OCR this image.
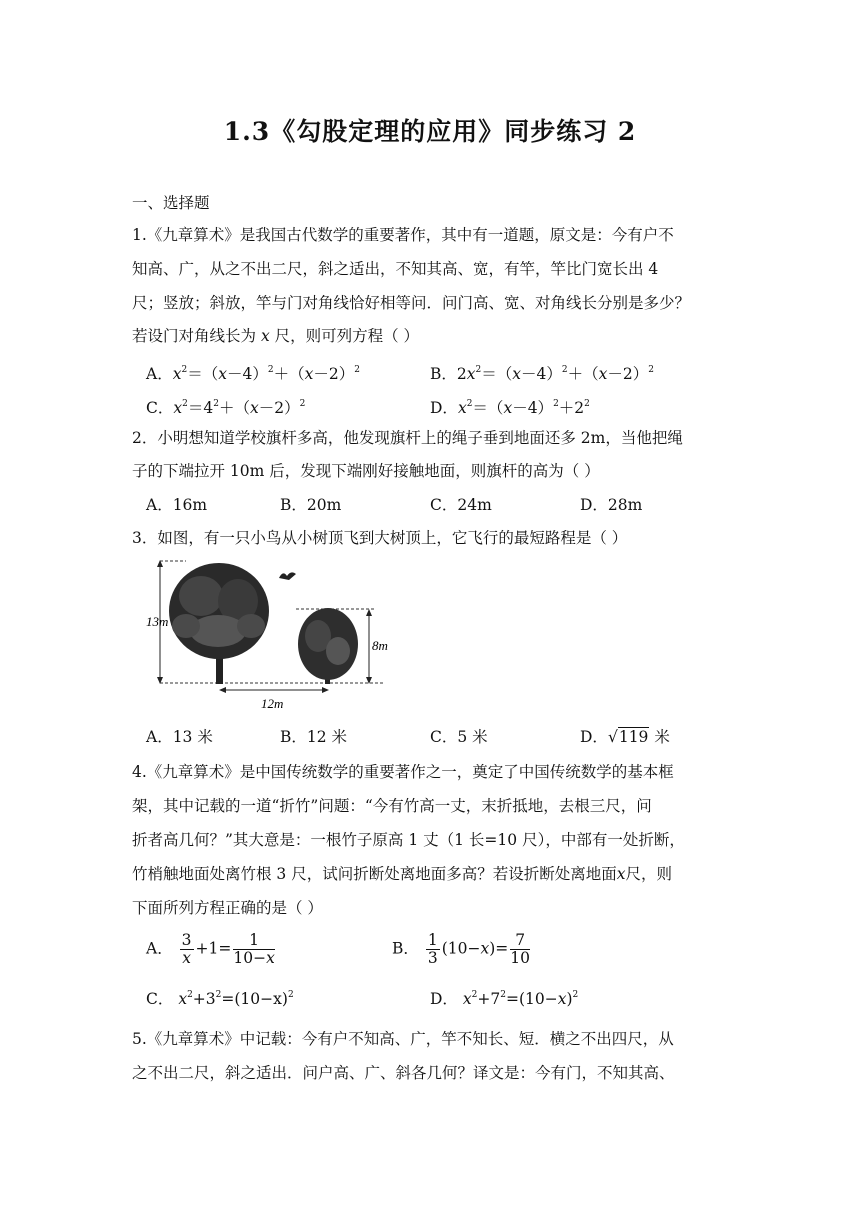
1.3《勾股定理的应用》同步练习 2
一、选择题
1.《九章算术》是我国古代数学的重要著作，其中有一道题，原文是：今有户不
知高、广，从之不出二尺，斜之适出，不知其高、宽，有竿，竿比门宽长出 4
尺；竖放；斜放，竿与门对角线恰好相等问．问门高、宽、对角线长分别是多少？
若设门对角线长为 x 尺，则可列方程（ ）
A．$x^2=(x-4)^2+(x-2)^2$	B．$2x^2=(x-4)^2+(x-2)^2$
C．$x^2=4^2+(x-2)^2$	D．$x^2=(x-4)^2+2^2$
2．小明想知道学校旗杆多高，他发现旗杆上的绳子垂到地面还多 2m，当他把绳
子的下端拉开 10m 后，发现下端刚好接触地面，则旗杆的高为（ ）
A．16m	B．20m	C．24m	D．28m
3．如图，有一只小鸟从小树顶飞到大树顶上，它飞行的最短路程是（ ）
13m
8m
12m
A．13 米	B．12 米	C．5 米	D．√119 米
4.《九章算术》是中国传统数学的重要著作之一，奠定了中国传统数学的基本框
架，其中记载的一道“折竹”问题：“今有竹高一丈，末折抵地，去根三尺，问
折者高几何？”其大意是：一根竹子原高 1 丈（1 长=10 尺），中部有一处折断，
竹梢触地面处离竹根 3 尺，试问折断处离地面多高？若设折断处离地面x尺，则
下面所列方程正确的是（ ）
A． $\frac{3}{x} +1= \frac{1}{10-x}$	B． $\frac{1}{3} (10-x)= \frac{7}{10}$
C． $x^2+3^2=(10-x)^2$	D． $x^2+7^2=(10-x)^2$
5.《九章算术》中记载：今有户不知高、广，竿不知长、短．横之不出四尺，从
之不出二尺，斜之适出．问户高、广、斜各几何？译文是：今有门，不知其高、
